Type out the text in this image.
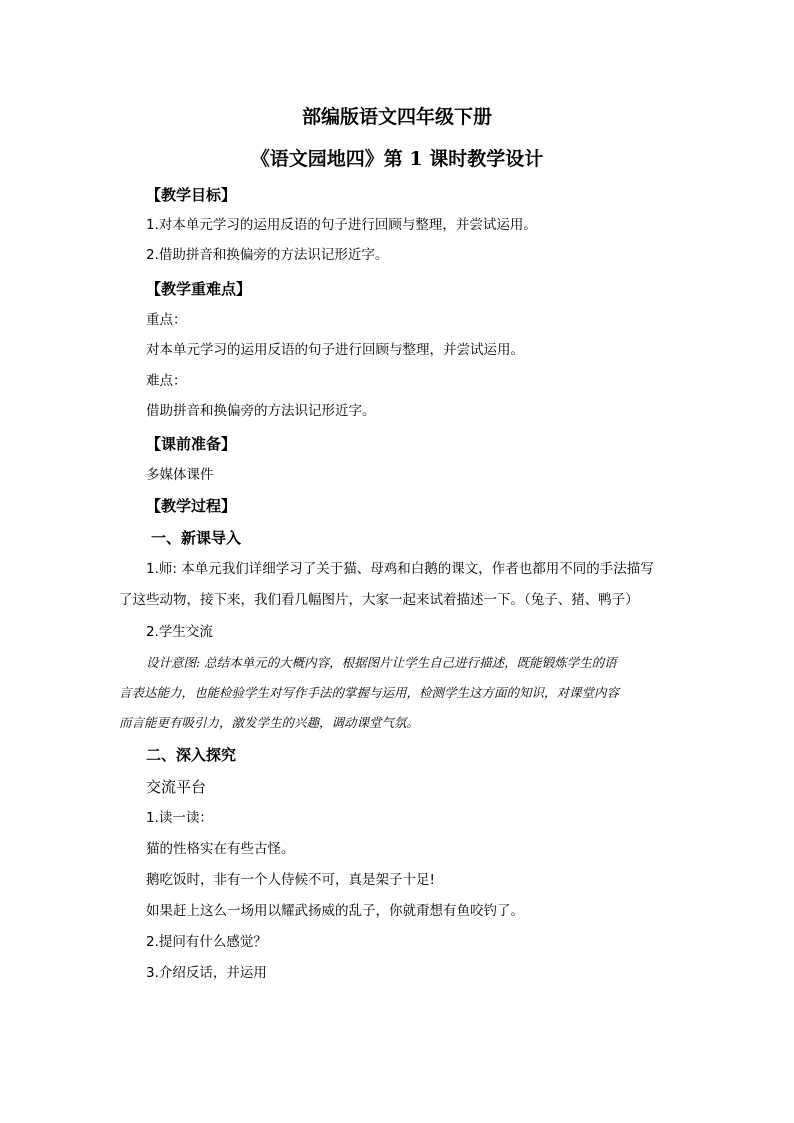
部编版语文四年级下册
《语文园地四》第 1 课时教学设计
【教学目标】
1.对本单元学习的运用反语的句子进行回顾与整理，并尝试运用。
2.借助拼音和换偏旁的方法识记形近字。
【教学重难点】
重点：
对本单元学习的运用反语的句子进行回顾与整理，并尝试运用。
难点：
借助拼音和换偏旁的方法识记形近字。
【课前准备】
多媒体课件
【教学过程】
一、新课导入
1.师: 本单元我们详细学习了关于猫、母鸡和白鹅的课文，作者也都用不同的手法描写
了这些动物，接下来，我们看几幅图片，大家一起来试着描述一下。（兔子、猪、鸭子）
2.学生交流
设计意图: 总结本单元的大概内容，根据图片让学生自己进行描述，既能锻炼学生的语
言表达能力，也能检验学生对写作手法的掌握与运用，检测学生这方面的知识，对课堂内容
而言能更有吸引力，激发学生的兴趣，调动课堂气氛。
二、深入探究
交流平台
1.读一读：
猫的性格实在有些古怪。
鹅吃饭时，非有一个人侍候不可，真是架子十足!
如果赶上这么一场用以耀武扬威的乱子，你就甭想有鱼咬钓了。
2.提问有什么感觉？
3.介绍反话，并运用
